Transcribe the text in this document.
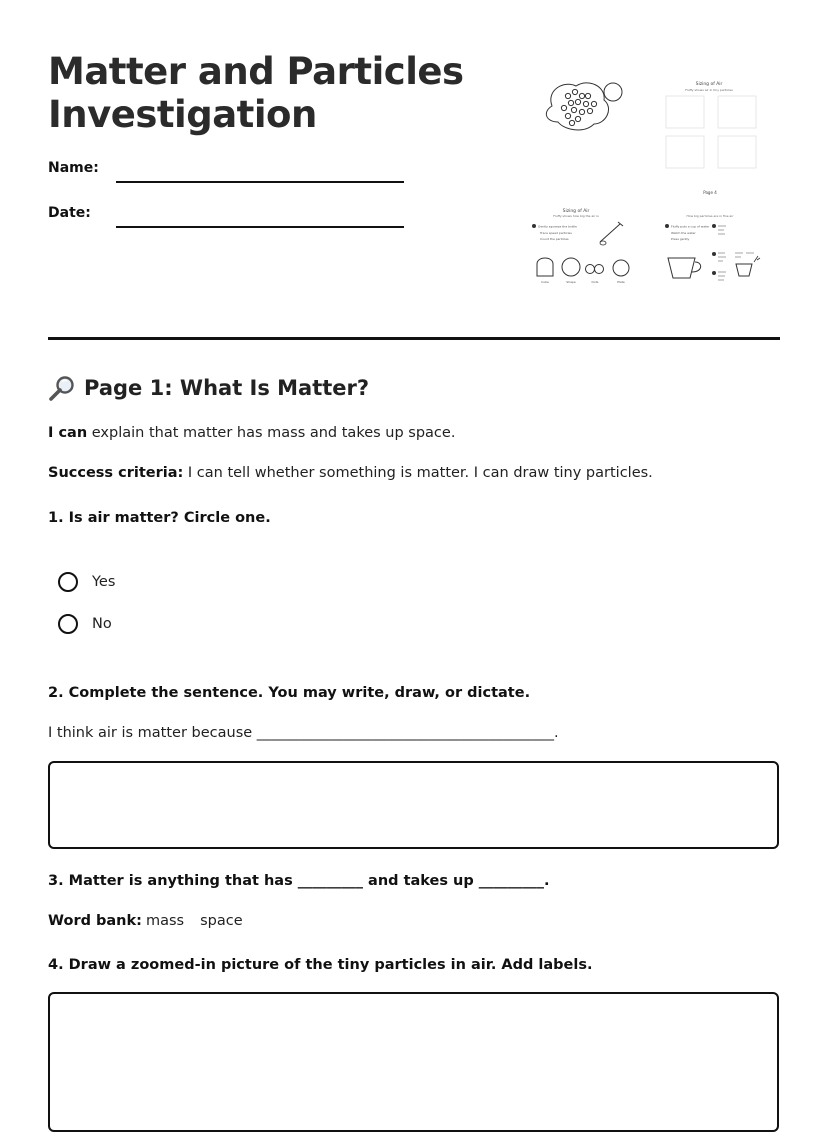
Matter and Particles
Investigation
Name:
Date:
Sizing of Air
Fluffy shows air in tiny particles
Page 4
Sizing of Air
Fluffy shows how big the air is
Gently squeeze the bottle
Trace speed particles
Count the particles
Cube	Shape	Dots	Plate
How big particles are in fine air
Fluffy puts a cup of water
Watch the water
Press gently
Page 1: What Is Matter?

I can explain that matter has mass and takes up space.

Success criteria: I can tell whether something is matter. I can draw tiny particles.

1. Is air matter? Circle one.

Yes
No

2. Complete the sentence. You may write, draw, or dictate.

I think air is matter because _________________________________________.

3. Matter is anything that has _________ and takes up _________.

Word bank: mass space

4. Draw a zoomed-in picture of the tiny particles in air. Add labels.
